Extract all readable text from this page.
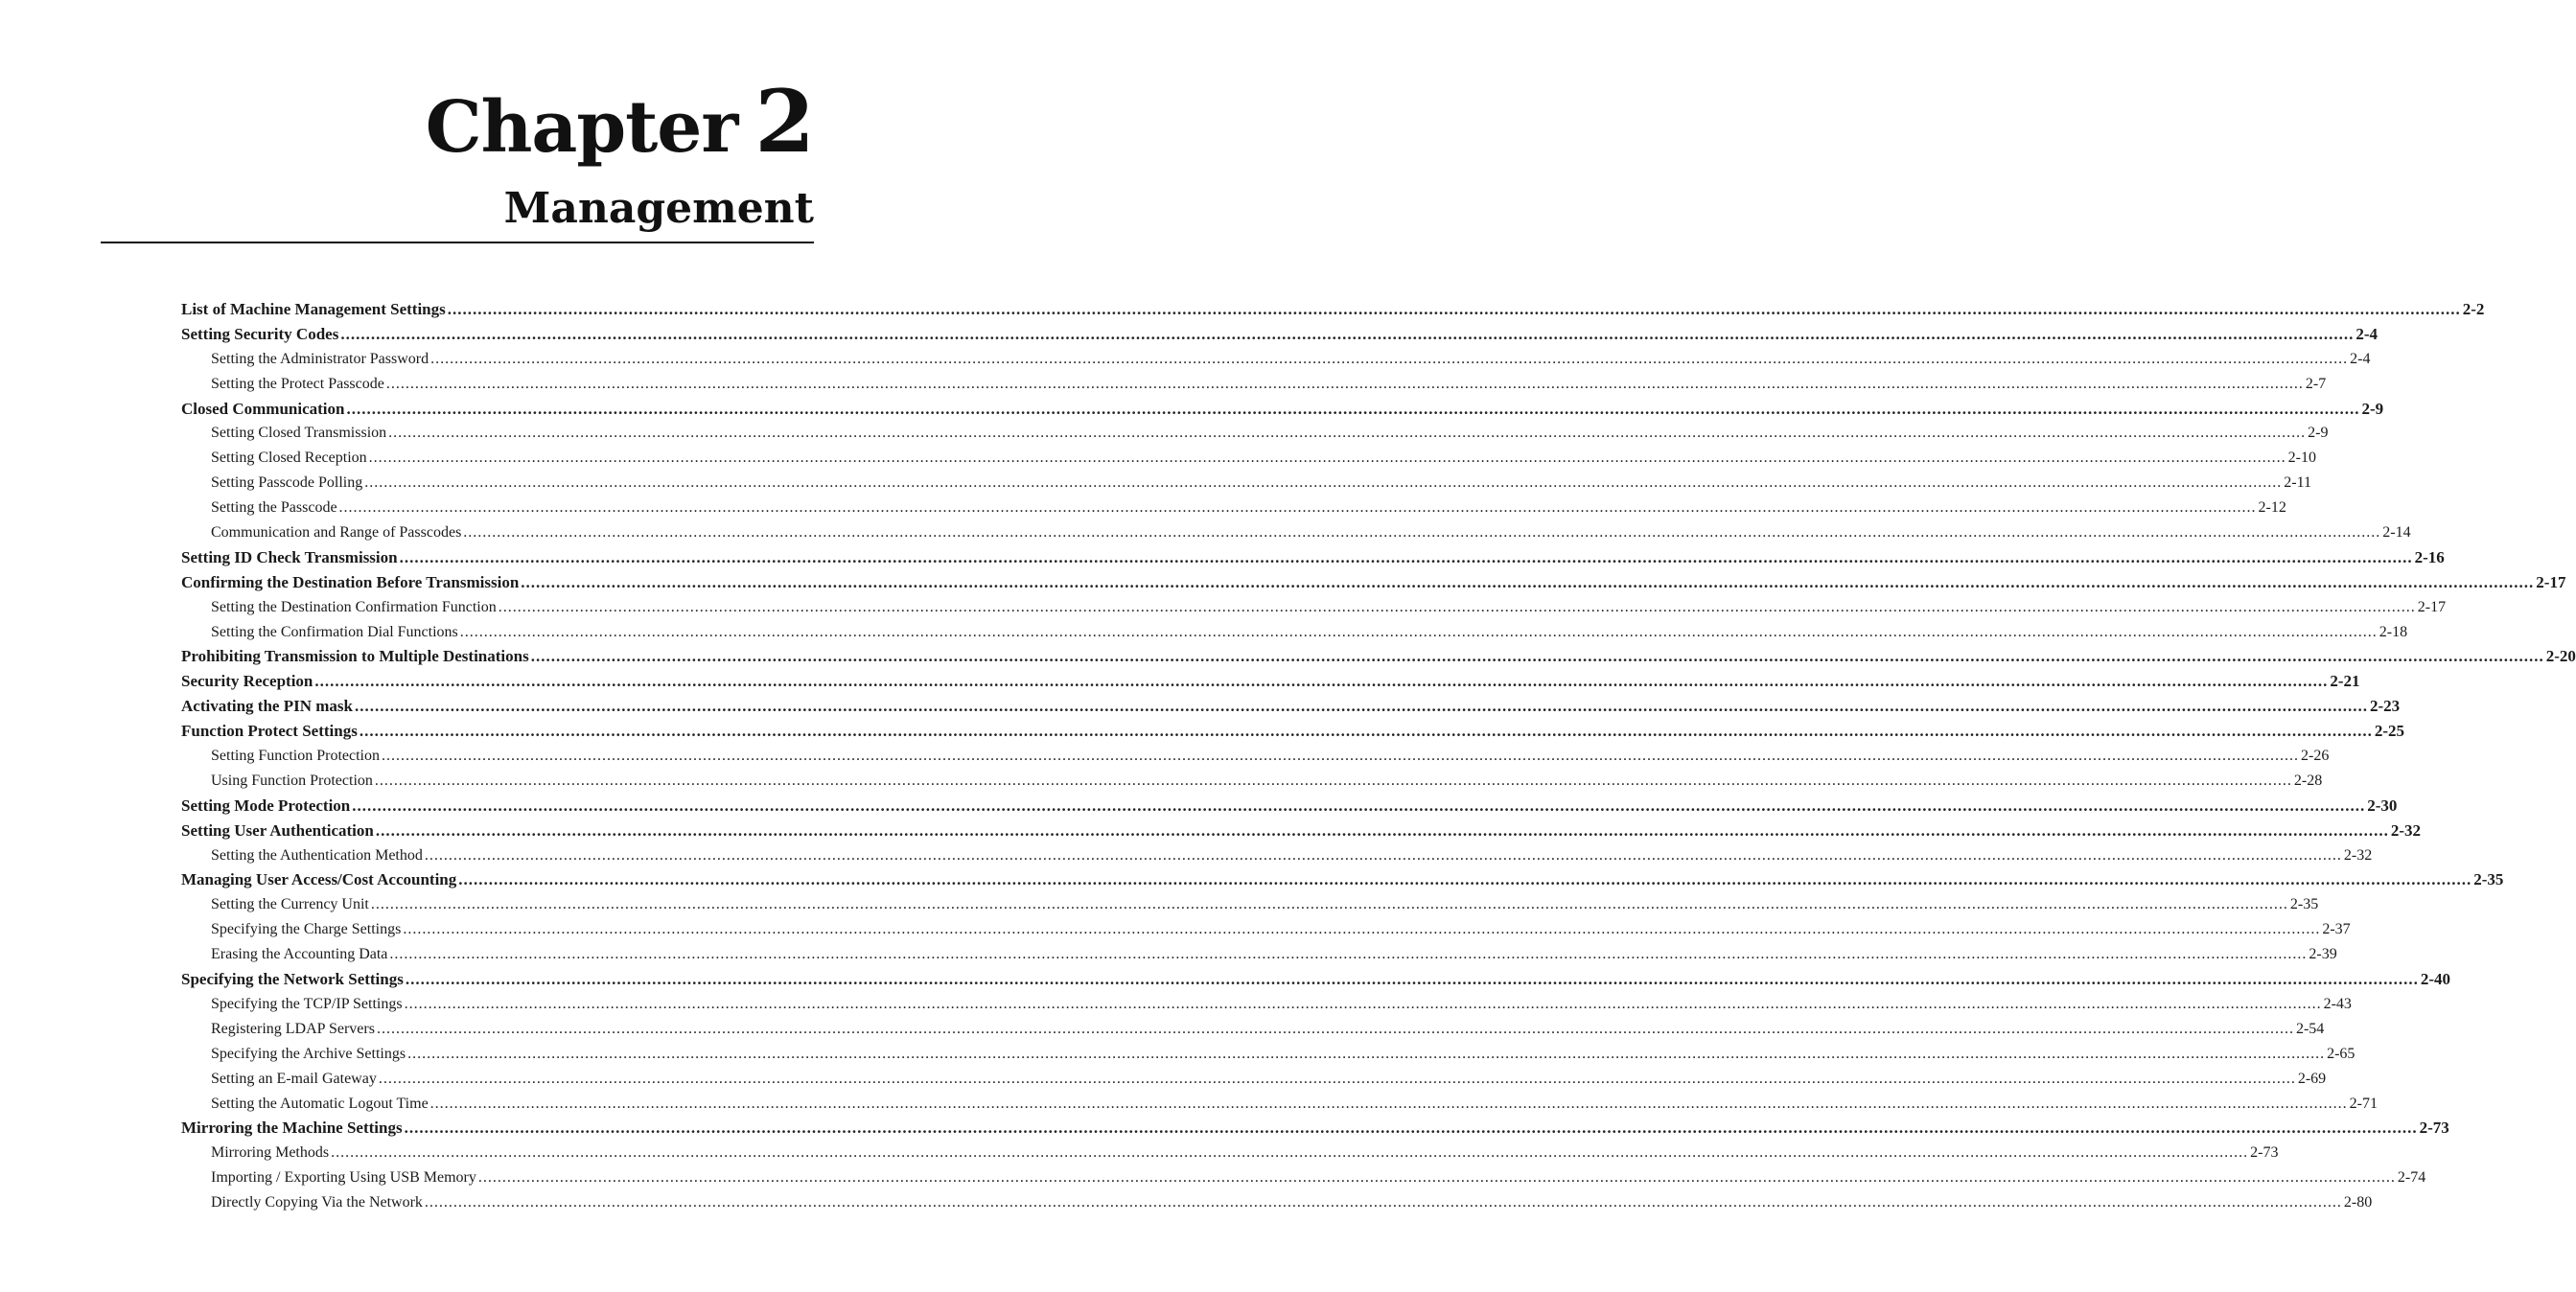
Chapter 2
Management
List of Machine Management Settings ................................................................................................................................................................................................................................................................................................................................................................................................................ 2-2
Setting Security Codes ................................................................................................................................................................................................................................................................................................................................................................................................................ 2-4
Setting the Administrator Password ................................................................................................................................................................................................................................................................................................................................................................................................................ 2-4
Setting the Protect Passcode ................................................................................................................................................................................................................................................................................................................................................................................................................ 2-7
Closed Communication ................................................................................................................................................................................................................................................................................................................................................................................................................ 2-9
Setting Closed Transmission ................................................................................................................................................................................................................................................................................................................................................................................................................ 2-9
Setting Closed Reception ................................................................................................................................................................................................................................................................................................................................................................................................................ 2-10
Setting Passcode Polling ................................................................................................................................................................................................................................................................................................................................................................................................................ 2-11
Setting the Passcode ................................................................................................................................................................................................................................................................................................................................................................................................................ 2-12
Communication and Range of Passcodes ................................................................................................................................................................................................................................................................................................................................................................................................................ 2-14
Setting ID Check Transmission ................................................................................................................................................................................................................................................................................................................................................................................................................ 2-16
Confirming the Destination Before Transmission ................................................................................................................................................................................................................................................................................................................................................................................................................ 2-17
Setting the Destination Confirmation Function ................................................................................................................................................................................................................................................................................................................................................................................................................ 2-17
Setting the Confirmation Dial Functions ................................................................................................................................................................................................................................................................................................................................................................................................................ 2-18
Prohibiting Transmission to Multiple Destinations ................................................................................................................................................................................................................................................................................................................................................................................................................ 2-20
Security Reception ................................................................................................................................................................................................................................................................................................................................................................................................................ 2-21
Activating the PIN mask ................................................................................................................................................................................................................................................................................................................................................................................................................ 2-23
Function Protect Settings ................................................................................................................................................................................................................................................................................................................................................................................................................ 2-25
Setting Function Protection ................................................................................................................................................................................................................................................................................................................................................................................................................ 2-26
Using Function Protection ................................................................................................................................................................................................................................................................................................................................................................................................................ 2-28
Setting Mode Protection ................................................................................................................................................................................................................................................................................................................................................................................................................ 2-30
Setting User Authentication ................................................................................................................................................................................................................................................................................................................................................................................................................ 2-32
Setting the Authentication Method ................................................................................................................................................................................................................................................................................................................................................................................................................ 2-32
Managing User Access/Cost Accounting ................................................................................................................................................................................................................................................................................................................................................................................................................ 2-35
Setting the Currency Unit ................................................................................................................................................................................................................................................................................................................................................................................................................ 2-35
Specifying the Charge Settings ................................................................................................................................................................................................................................................................................................................................................................................................................ 2-37
Erasing the Accounting Data ................................................................................................................................................................................................................................................................................................................................................................................................................ 2-39
Specifying the Network Settings ................................................................................................................................................................................................................................................................................................................................................................................................................ 2-40
Specifying the TCP/IP Settings ................................................................................................................................................................................................................................................................................................................................................................................................................ 2-43
Registering LDAP Servers ................................................................................................................................................................................................................................................................................................................................................................................................................ 2-54
Specifying the Archive Settings ................................................................................................................................................................................................................................................................................................................................................................................................................ 2-65
Setting an E-mail Gateway ................................................................................................................................................................................................................................................................................................................................................................................................................ 2-69
Setting the Automatic Logout Time ................................................................................................................................................................................................................................................................................................................................................................................................................ 2-71
Mirroring the Machine Settings ................................................................................................................................................................................................................................................................................................................................................................................................................ 2-73
Mirroring Methods ................................................................................................................................................................................................................................................................................................................................................................................................................ 2-73
Importing / Exporting Using USB Memory ................................................................................................................................................................................................................................................................................................................................................................................................................ 2-74
Directly Copying Via the Network ................................................................................................................................................................................................................................................................................................................................................................................................................ 2-80
